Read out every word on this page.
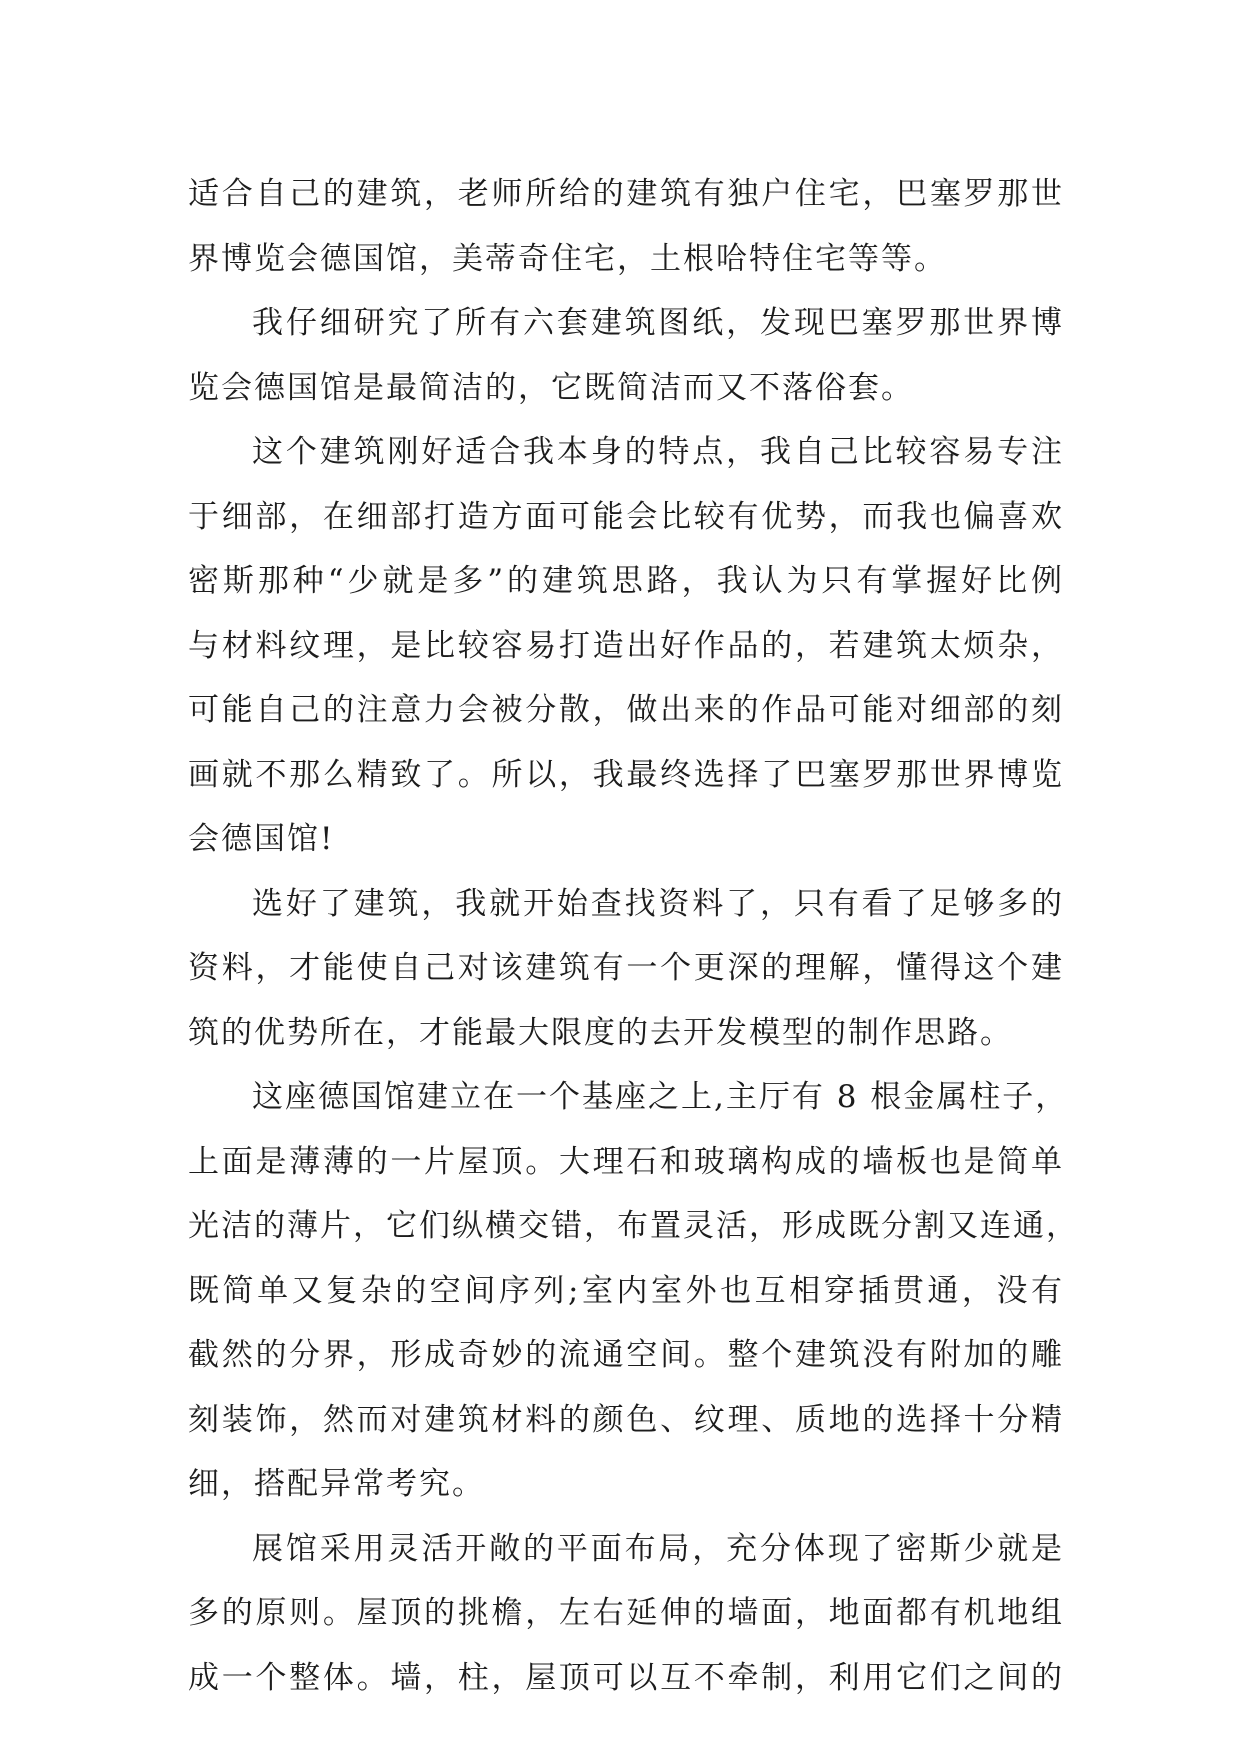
适合自己的建筑，老师所给的建筑有独户住宅，巴塞罗那世
界博览会德国馆，美蒂奇住宅，土根哈特住宅等等。
我仔细研究了所有六套建筑图纸，发现巴塞罗那世界博
览会德国馆是最简洁的，它既简洁而又不落俗套。
这个建筑刚好适合我本身的特点，我自己比较容易专注
于细部，在细部打造方面可能会比较有优势，而我也偏喜欢
密斯那种“少就是多”的建筑思路，我认为只有掌握好比例
与材料纹理，是比较容易打造出好作品的，若建筑太烦杂，
可能自己的注意力会被分散，做出来的作品可能对细部的刻
画就不那么精致了。所以，我最终选择了巴塞罗那世界博览
会德国馆!
选好了建筑，我就开始查找资料了，只有看了足够多的
资料，才能使自己对该建筑有一个更深的理解，懂得这个建
筑的优势所在，才能最大限度的去开发模型的制作思路。
这座德国馆建立在一个基座之上,主厅有 8 根金属柱子，
上面是薄薄的一片屋顶。大理石和玻璃构成的墙板也是简单
光洁的薄片，它们纵横交错，布置灵活，形成既分割又连通，
既简单又复杂的空间序列;室内室外也互相穿插贯通，没有
截然的分界，形成奇妙的流通空间。整个建筑没有附加的雕
刻装饰，然而对建筑材料的颜色、纹理、质地的选择十分精
细，搭配异常考究。
展馆采用灵活开敞的平面布局，充分体现了密斯少就是
多的原则。屋顶的挑檐，左右延伸的墙面，地面都有机地组
成一个整体。墙，柱，屋顶可以互不牵制，利用它们之间的
